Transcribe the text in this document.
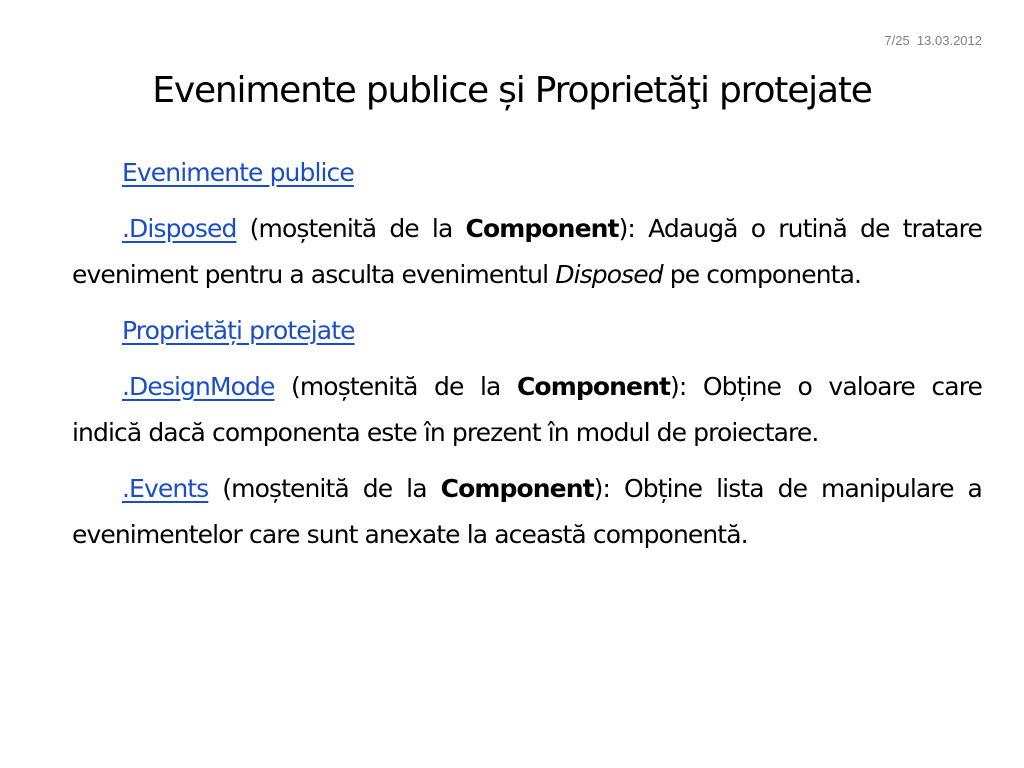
7/25 13.03.2012
Evenimente publice și Proprietăţi protejate

Evenimente publice

.Disposed (moștenită de la Component): Adaugă o rutină de tratare eveniment pentru a asculta evenimentul Disposed pe componenta.

Proprietăți protejate

.DesignMode (moștenită de la Component): Obține o valoare care indică dacă componenta este în prezent în modul de proiectare.

.Events (moștenită de la Component): Obține lista de manipulare a evenimentelor care sunt anexate la această componentă.
